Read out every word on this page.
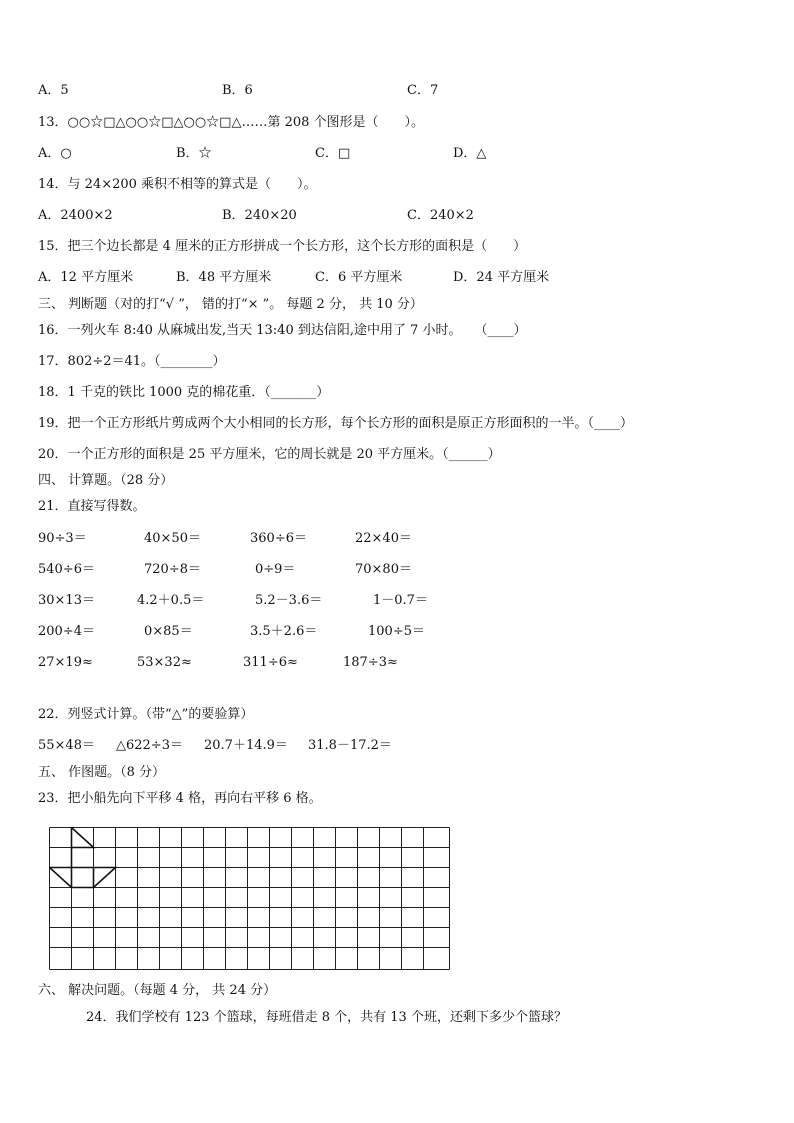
A．5	B．6	C．7
13．○○☆□△○○☆□△○○☆□△……第 208 个图形是（　　）。
A．○	B．☆	C．□	D．△
14．与 24×200 乘积不相等的算式是（　　）。
A．2400×2	B．240×20	C．240×2
15．把三个边长都是 4 厘米的正方形拼成一个长方形，这个长方形的面积是（　　）
A．12 平方厘米	B．48 平方厘米	C．6 平方厘米	D．24 平方厘米
三、 判断题（对的打“√ ”， 错的打“× ”。 每题 2 分， 共 10 分）
16．一列火车 8:40 从麻城出发,当天 13:40 到达信阳,途中用了 7 小时。　　（____）
17．802÷2＝41。（________）
18．1 千克的铁比 1000 克的棉花重．（_______）
19．把一个正方形纸片剪成两个大小相同的长方形，每个长方形的面积是原正方形面积的一半。（____）
20．一个正方形的面积是 25 平方厘米，它的周长就是 20 平方厘米。（______）
四、 计算题。（28 分）
21．直接写得数。
90÷3＝	40×50＝	360÷6＝	22×40＝
540÷6＝	720÷8＝	0÷9＝	70×80＝
30×13＝	4.2＋0.5＝	5.2－3.6＝	1－0.7＝
200÷4＝	0×85＝	3.5＋2.6＝	100÷5＝
27×19≈	53×32≈	311÷6≈	187÷3≈
22．列竖式计算。（带“△”的要验算）
55×48＝ △622÷3＝ 20.7＋14.9＝ 31.8－17.2＝
五、 作图题。（8 分）
23．把小船先向下平移 4 格，再向右平移 6 格。
六、 解决问题。（每题 4 分， 共 24 分）
24．我们学校有 123 个篮球，每班借走 8 个，共有 13 个班，还剩下多少个篮球？
